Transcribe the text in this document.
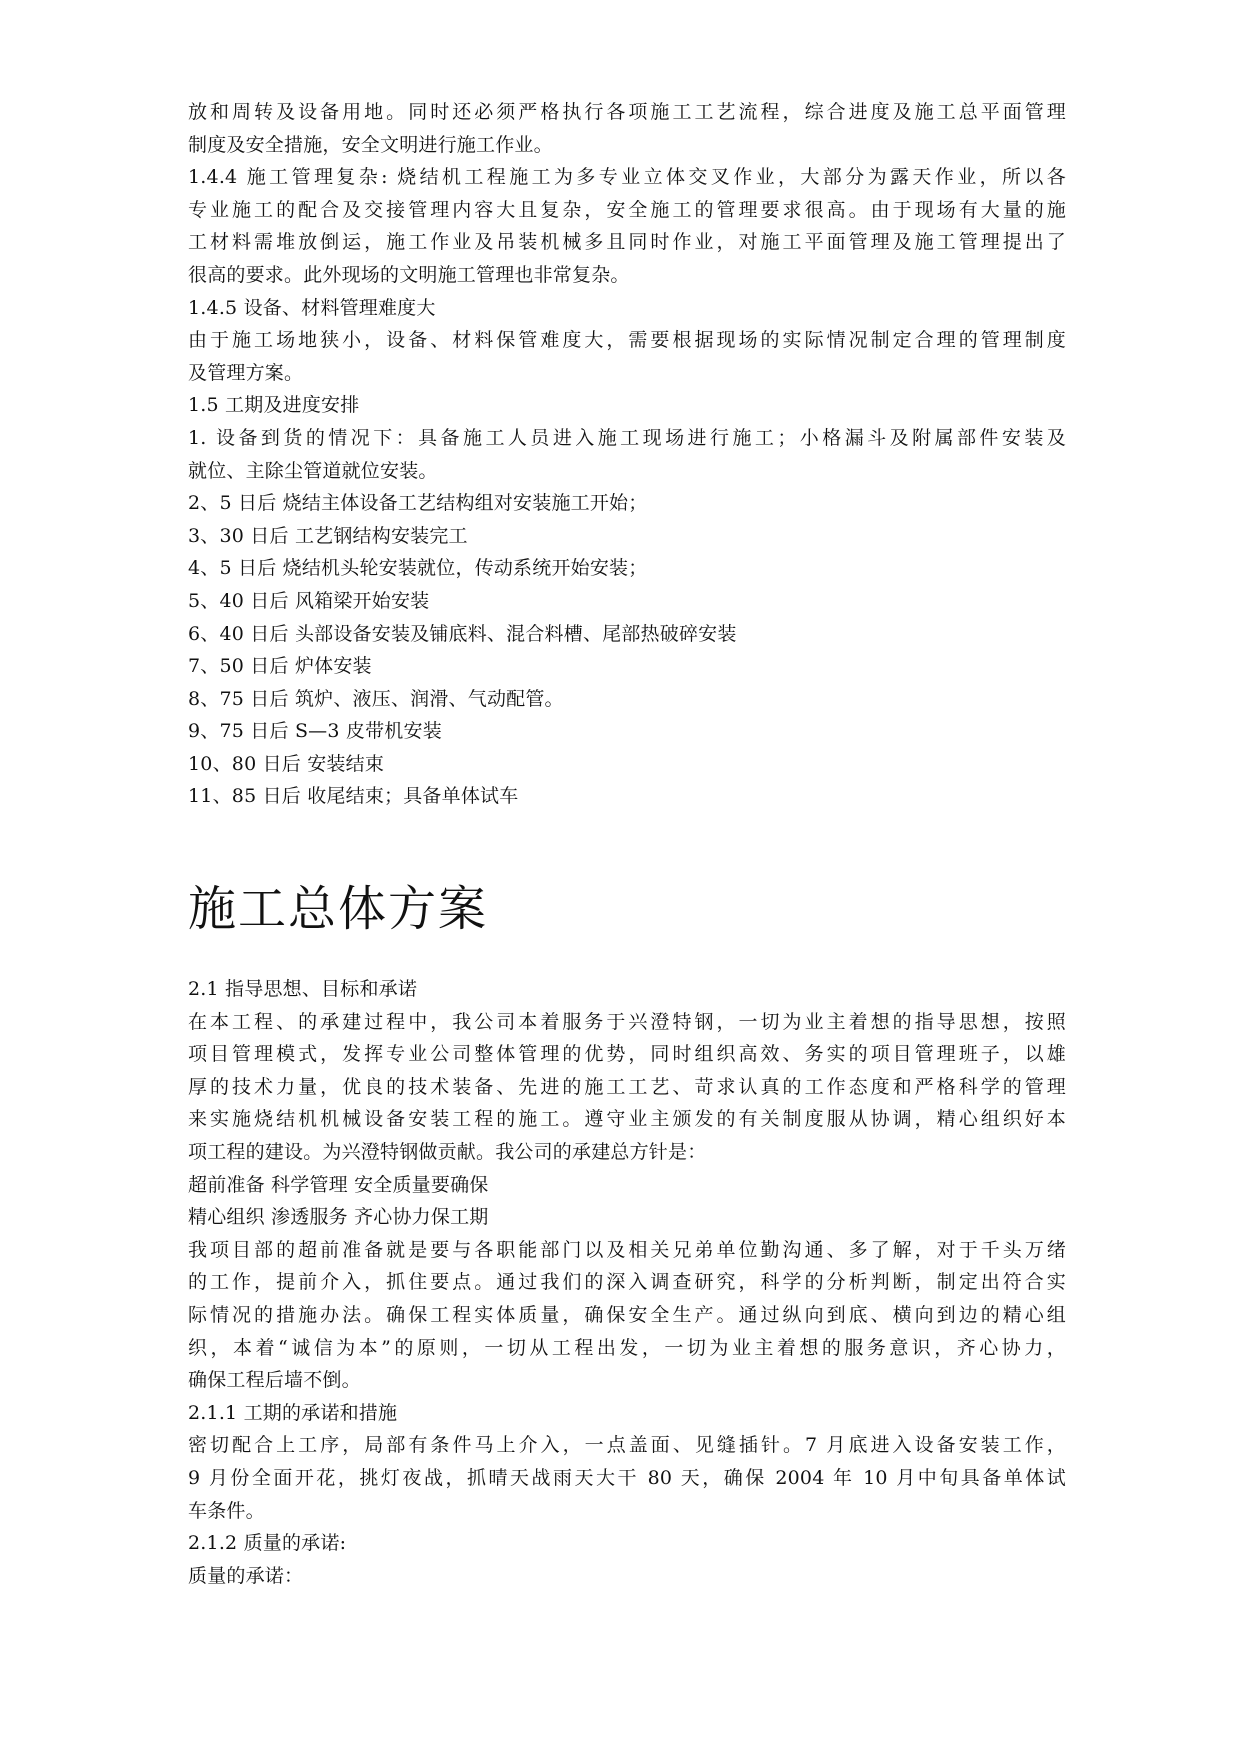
放和周转及设备用地。同时还必须严格执行各项施工工艺流程，综合进度及施工总平面管理
制度及安全措施，安全文明进行施工作业。
1.4.4 施工管理复杂: 烧结机工程施工为多专业立体交叉作业，大部分为露天作业，所以各
专业施工的配合及交接管理内容大且复杂，安全施工的管理要求很高。由于现场有大量的施
工材料需堆放倒运，施工作业及吊装机械多且同时作业，对施工平面管理及施工管理提出了
很高的要求。此外现场的文明施工管理也非常复杂。
1.4.5 设备、材料管理难度大
由于施工场地狭小，设备、材料保管难度大，需要根据现场的实际情况制定合理的管理制度
及管理方案。
1.5 工期及进度安排
1. 设备到货的情况下：具备施工人员进入施工现场进行施工；小格漏斗及附属部件安装及
就位、主除尘管道就位安装。
2、5 日后 烧结主体设备工艺结构组对安装施工开始；
3、30 日后 工艺钢结构安装完工
4、5 日后 烧结机头轮安装就位，传动系统开始安装；
5、40 日后 风箱梁开始安装
6、40 日后 头部设备安装及铺底料、混合料槽、尾部热破碎安装
7、50 日后 炉体安装
8、75 日后 筑炉、液压、润滑、气动配管。
9、75 日后 S—3 皮带机安装
10、80 日后 安装结束
11、85 日后 收尾结束；具备单体试车
施工总体方案
2.1 指导思想、目标和承诺
在本工程、的承建过程中，我公司本着服务于兴澄特钢，一切为业主着想的指导思想，按照
项目管理模式，发挥专业公司整体管理的优势，同时组织高效、务实的项目管理班子，以雄
厚的技术力量，优良的技术装备、先进的施工工艺、苛求认真的工作态度和严格科学的管理
来实施烧结机机械设备安装工程的施工。遵守业主颁发的有关制度服从协调，精心组织好本
项工程的建设。为兴澄特钢做贡献。我公司的承建总方针是：
超前准备 科学管理 安全质量要确保
精心组织 渗透服务 齐心协力保工期
我项目部的超前准备就是要与各职能部门以及相关兄弟单位勤沟通、多了解，对于千头万绪
的工作，提前介入，抓住要点。通过我们的深入调查研究，科学的分析判断，制定出符合实
际情况的措施办法。确保工程实体质量，确保安全生产。通过纵向到底、横向到边的精心组
织，本着“诚信为本”的原则，一切从工程出发，一切为业主着想的服务意识，齐心协力，
确保工程后墙不倒。
2.1.1 工期的承诺和措施
密切配合上工序，局部有条件马上介入，一点盖面、见缝插针。7 月底进入设备安装工作，
9 月份全面开花，挑灯夜战，抓晴天战雨天大干 80 天，确保 2004 年 10 月中旬具备单体试
车条件。
2.1.2 质量的承诺:
质量的承诺：
